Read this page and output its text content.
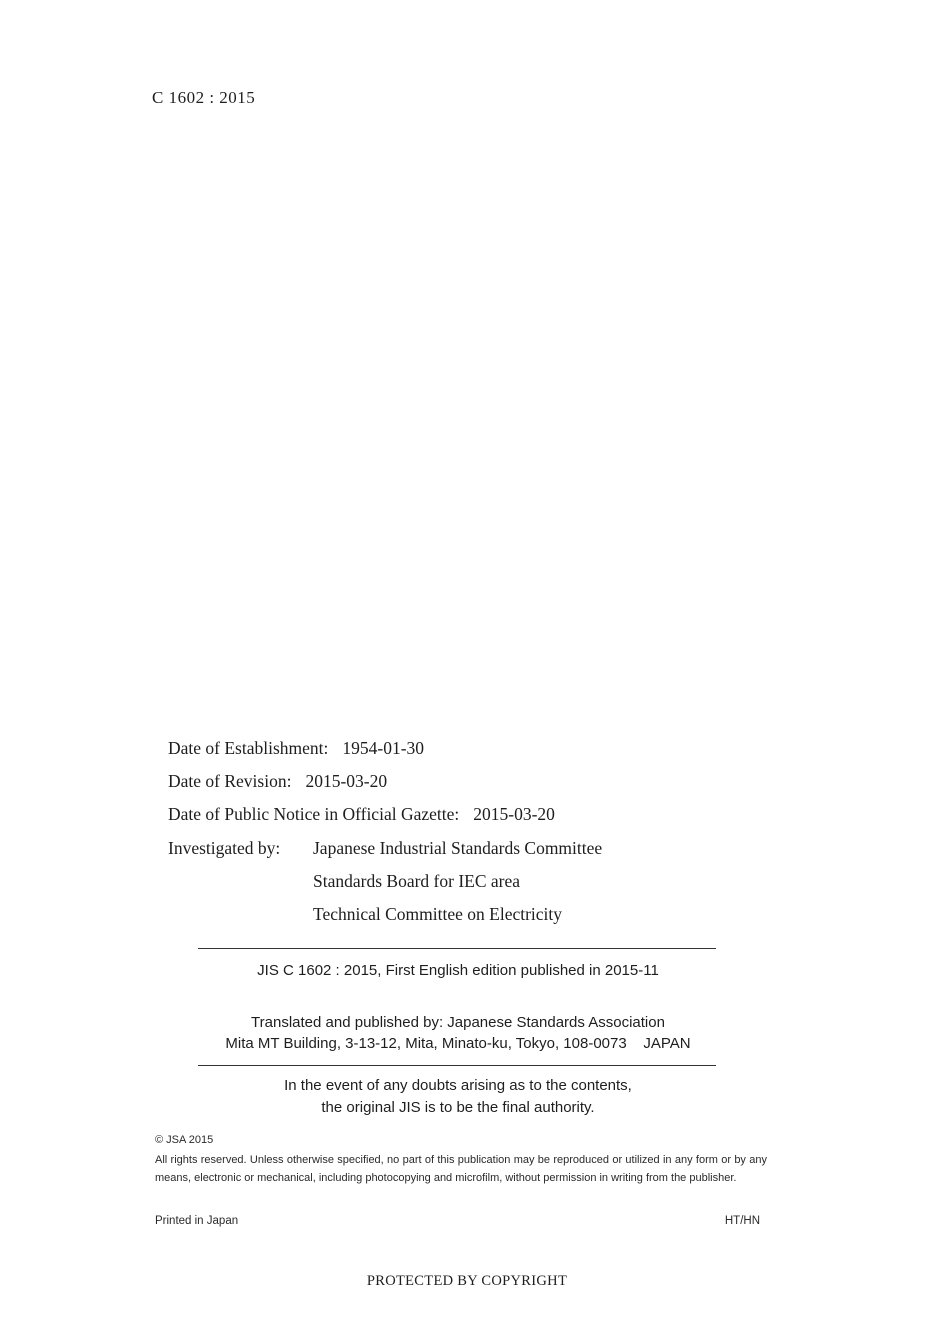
C 1602 : 2015
Date of Establishment: 1954-01-30
Date of Revision: 2015-03-20
Date of Public Notice in Official Gazette: 2015-03-20
Investigated by: Japanese Industrial Standards Committee
Standards Board for IEC area
Technical Committee on Electricity
JIS C 1602 : 2015, First English edition published in 2015-11
Translated and published by: Japanese Standards Association
Mita MT Building, 3-13-12, Mita, Minato-ku, Tokyo, 108-0073    JAPAN
In the event of any doubts arising as to the contents,
the original JIS is to be the final authority.
© JSA 2015
All rights reserved. Unless otherwise specified, no part of this publication may be reproduced or utilized in any form or by any means, electronic or mechanical, including photocopying and microfilm, without permission in writing from the publisher.
Printed in Japan	HT/HN
PROTECTED BY COPYRIGHT
